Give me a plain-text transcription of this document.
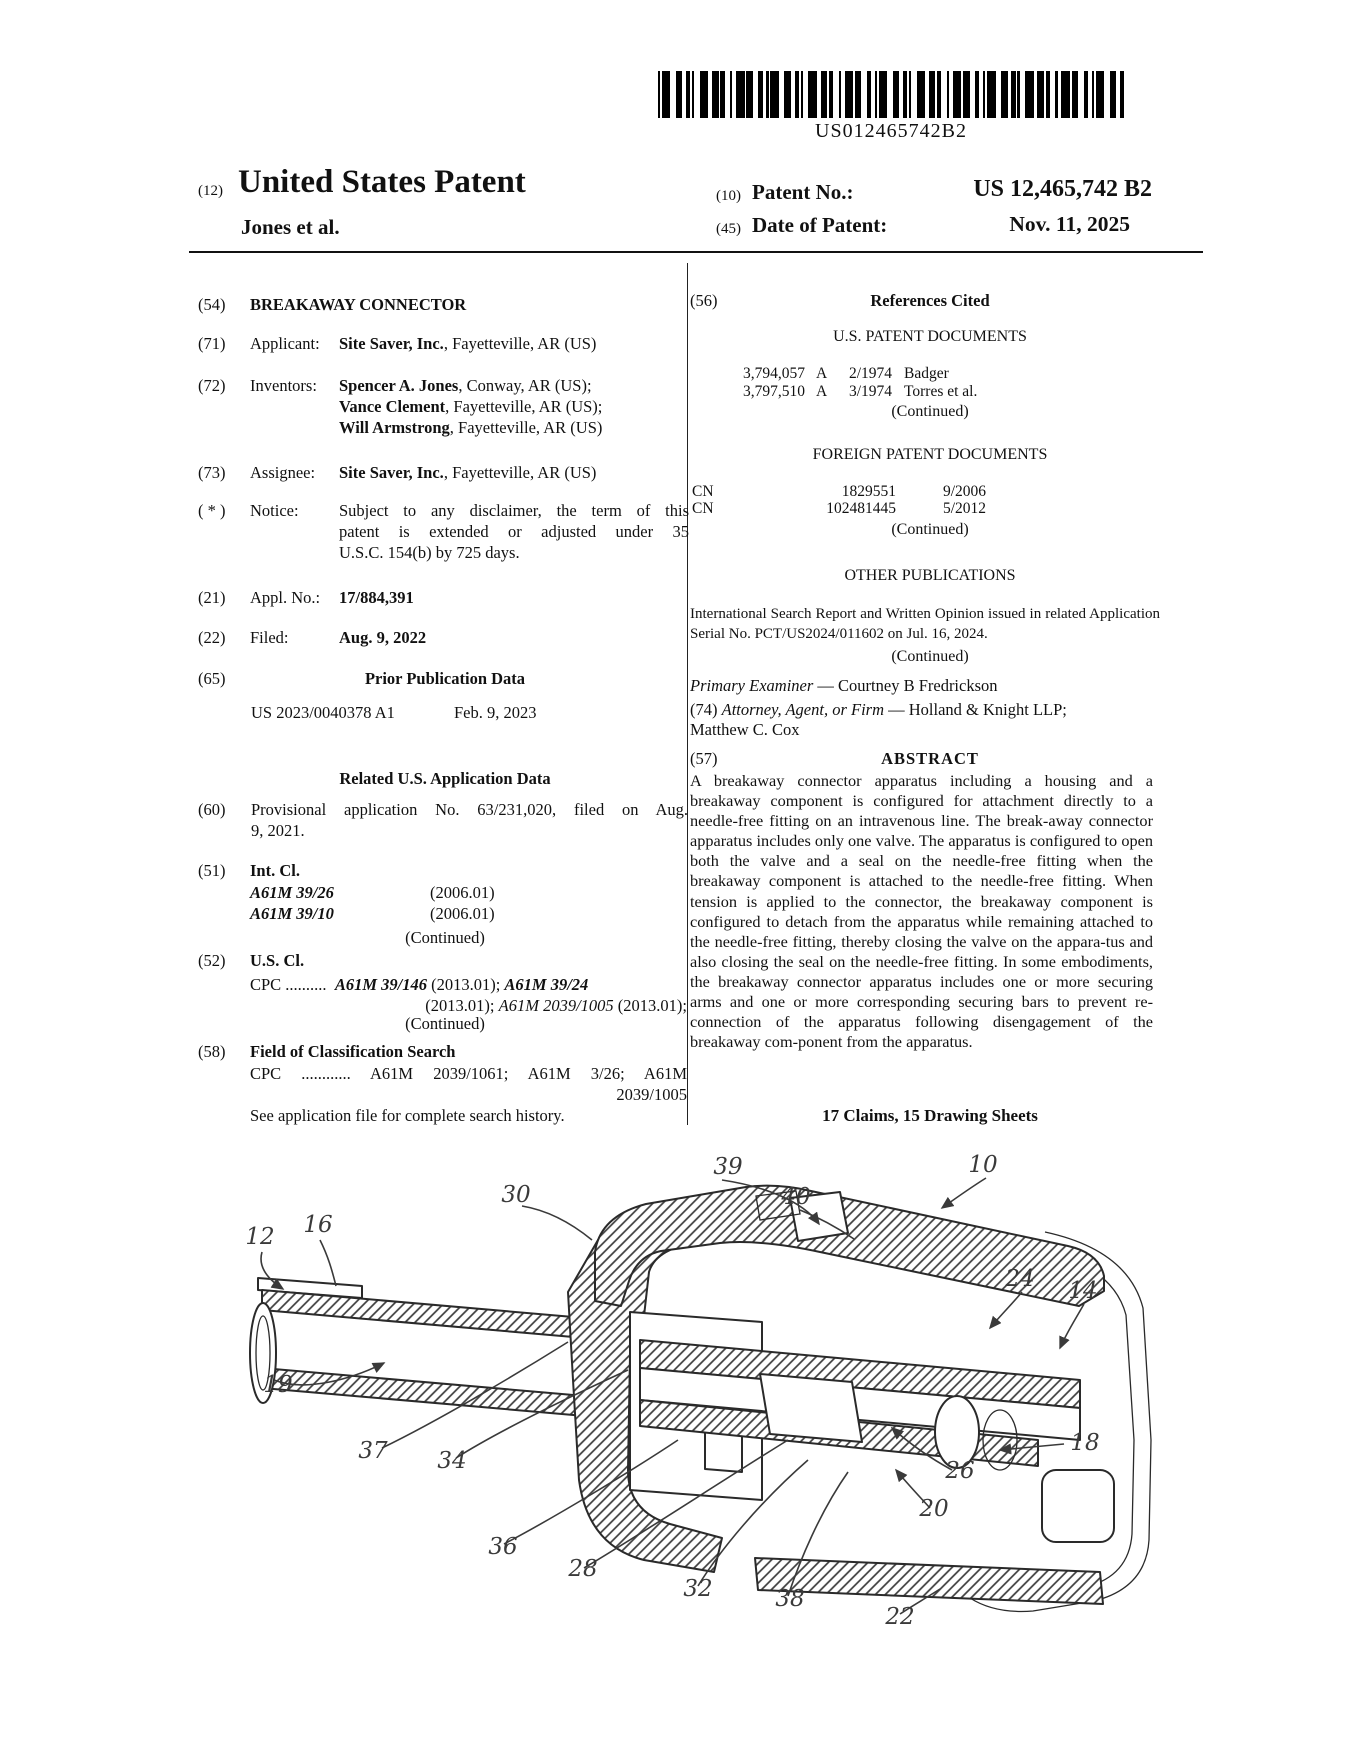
US012465742B2
(12) United States Patent
Jones et al.
(10) Patent No.:	US 12,465,742 B2
(45) Date of Patent:	Nov. 11, 2025
(54) BREAKAWAY CONNECTOR
(71) Applicant: Site Saver, Inc., Fayetteville, AR (US)
(72) Inventors: Spencer A. Jones, Conway, AR (US);
Vance Clement, Fayetteville, AR (US);
Will Armstrong, Fayetteville, AR (US)
(73) Assignee: Site Saver, Inc., Fayetteville, AR (US)
( * ) Notice: Subject to any disclaimer, the term of this
patent is extended or adjusted under 35
U.S.C. 154(b) by 725 days.
(21) Appl. No.: 17/884,391
(22) Filed:	Aug. 9, 2022
(65)	Prior Publication Data
US 2023/0040378 A1	Feb. 9, 2023
Related U.S. Application Data
(60) Provisional application No. 63/231,020, filed on Aug.
9, 2021.
(51) Int. Cl.
A61M 39/26	(2006.01)
A61M 39/10	(2006.01)
(Continued)
(52) U.S. Cl.
CPC .......... A61M 39/146 (2013.01); A61M 39/24
(2013.01); A61M 2039/1005 (2013.01);
(Continued)
(58) Field of Classification Search
CPC ............ A61M 2039/1061; A61M 3/26; A61M
2039/1005
See application file for complete search history.
(56)	References Cited
U.S. PATENT DOCUMENTS
3,794,057 A	2/1974 Badger
3,797,510 A	3/1974 Torres et al.
(Continued)
FOREIGN PATENT DOCUMENTS
CN	1829551	9/2006
CN	102481445	5/2012
(Continued)
OTHER PUBLICATIONS
International Search Report and Written Opinion issued in related Application Serial No. PCT/US2024/011602 on Jul. 16, 2024.
(Continued)
Primary Examiner — Courtney B Fredrickson
(74) Attorney, Agent, or Firm — Holland & Knight LLP;
Matthew C. Cox
(57)	ABSTRACT
A breakaway connector apparatus including a housing and a breakaway component is configured for attachment directly to a needle-free fitting on an intravenous line. The break-away connector apparatus includes only one valve. The apparatus is configured to open both the valve and a seal on the needle-free fitting when the breakaway component is attached to the needle-free fitting. When tension is applied to the connector, the breakaway component is configured to detach from the apparatus while remaining attached to the needle-free fitting, thereby closing the valve on the appara-tus and also closing the seal on the needle-free fitting. In some embodiments, the breakaway connector apparatus includes one or more securing arms and one or more corresponding securing bars to prevent re-connection of the apparatus following disengagement of the breakaway com-ponent from the apparatus.
17 Claims, 15 Drawing Sheets
10
39
30	40
16
12
24 14
19
18
37 34	26
20
36
28
32	38
22
